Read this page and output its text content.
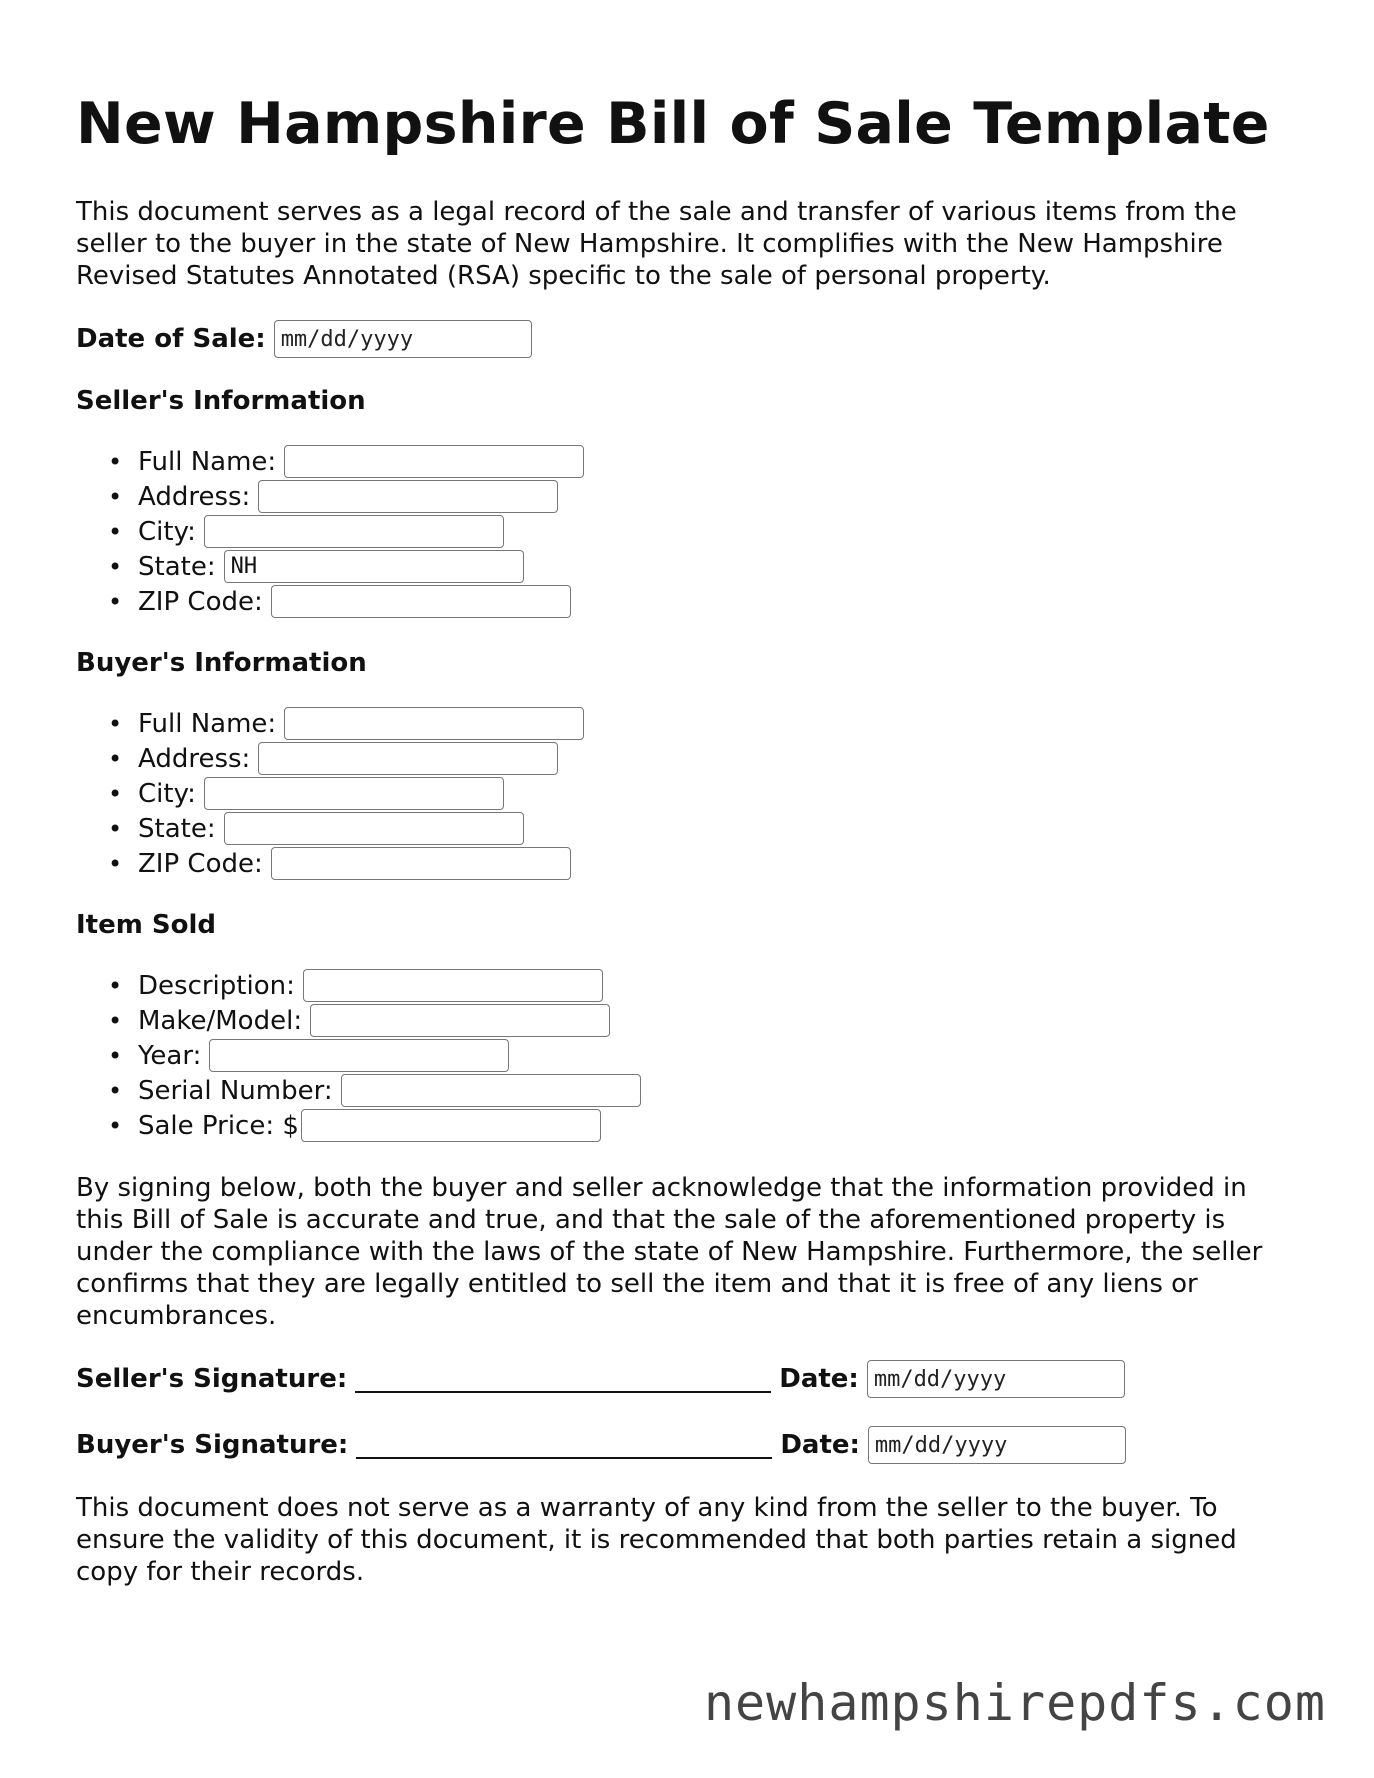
New Hampshire Bill of Sale Template

This document serves as a legal record of the sale and transfer of various items from the seller to the buyer in the state of New Hampshire. It complifies with the New Hampshire Revised Statutes Annotated (RSA) specific to the sale of personal property.

Date of Sale:
mm/dd/yyyy
Seller's Information
• Full Name:
• Address:
• City:
• State:
NH
• ZIP Code:
Buyer's Information
• Full Name:
• Address:
• City:
• State:
• ZIP Code:
Item Sold
• Description:
• Make/Model:
• Year:
• Serial Number:
• Sale Price: $

By signing below, both the buyer and seller acknowledge that the information provided in this Bill of Sale is accurate and true, and that the sale of the aforementioned property is under the compliance with the laws of the state of New Hampshire. Furthermore, the seller confirms that they are legally entitled to sell the item and that it is free of any liens or encumbrances.

Seller's Signature:	Date:
mm/dd/yyyy
Buyer's Signature:	Date:
mm/dd/yyyy

This document does not serve as a warranty of any kind from the seller to the buyer. To ensure the validity of this document, it is recommended that both parties retain a signed copy for their records.

newhampshirepdfs.com
